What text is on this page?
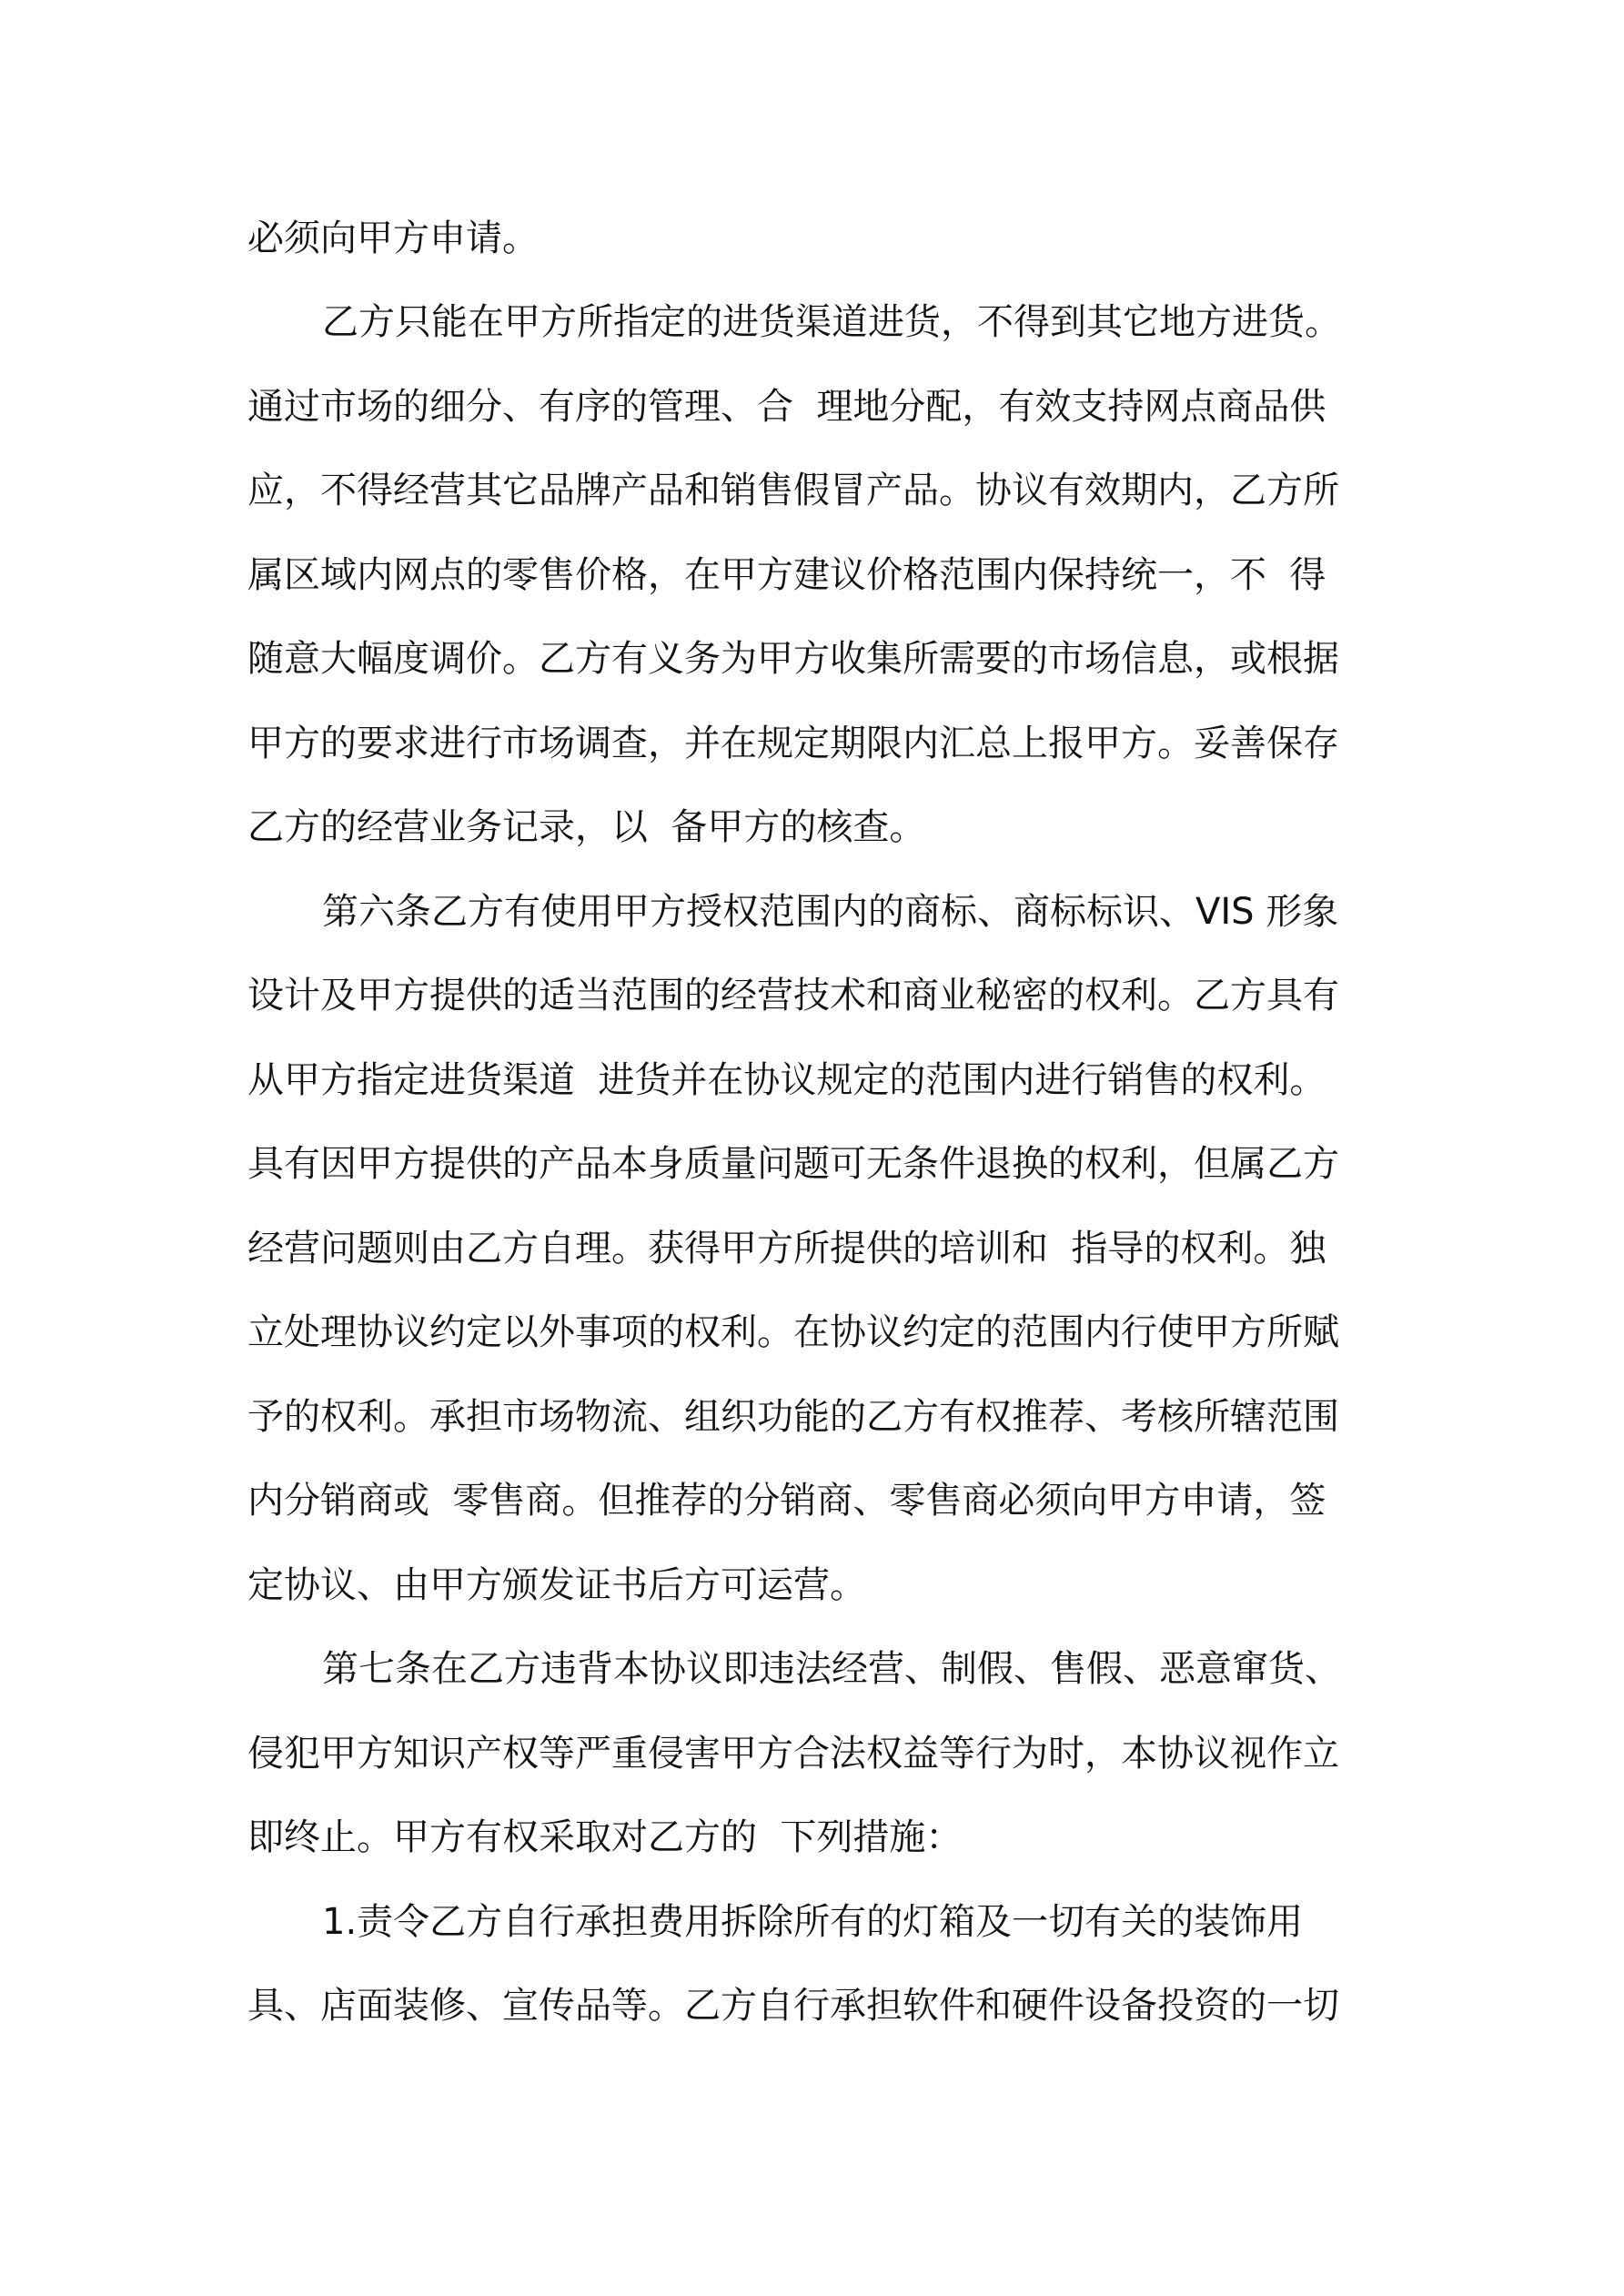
必须向甲方申请。

乙方只能在甲方所指定的进货渠道进货，不得到其它地方进货。

通过市场的细分、有序的管理、合  理地分配，有效支持网点商品供

应，不得经营其它品牌产品和销售假冒产品。协议有效期内，乙方所

属区域内网点的零售价格，在甲方建议价格范围内保持统一，不  得

随意大幅度调价。乙方有义务为甲方收集所需要的市场信息，或根据

甲方的要求进行市场调查，并在规定期限内汇总上报甲方。妥善保存

乙方的经营业务记录，以  备甲方的核查。

第六条乙方有使用甲方授权范围内的商标、商标标识、VIS 形象

设计及甲方提供的适当范围的经营技术和商业秘密的权利。乙方具有

从甲方指定进货渠道  进货并在协议规定的范围内进行销售的权利。

具有因甲方提供的产品本身质量问题可无条件退换的权利，但属乙方

经营问题则由乙方自理。获得甲方所提供的培训和  指导的权利。独

立处理协议约定以外事项的权利。在协议约定的范围内行使甲方所赋

予的权利。承担市场物流、组织功能的乙方有权推荐、考核所辖范围

内分销商或  零售商。但推荐的分销商、零售商必须向甲方申请，签

定协议、由甲方颁发证书后方可运营。

第七条在乙方违背本协议即违法经营、制假、售假、恶意窜货、

侵犯甲方知识产权等严重侵害甲方合法权益等行为时，本协议视作立

即终止。甲方有权采取对乙方的  下列措施：

1.责令乙方自行承担费用拆除所有的灯箱及一切有关的装饰用

具、店面装修、宣传品等。乙方自行承担软件和硬件设备投资的一切
